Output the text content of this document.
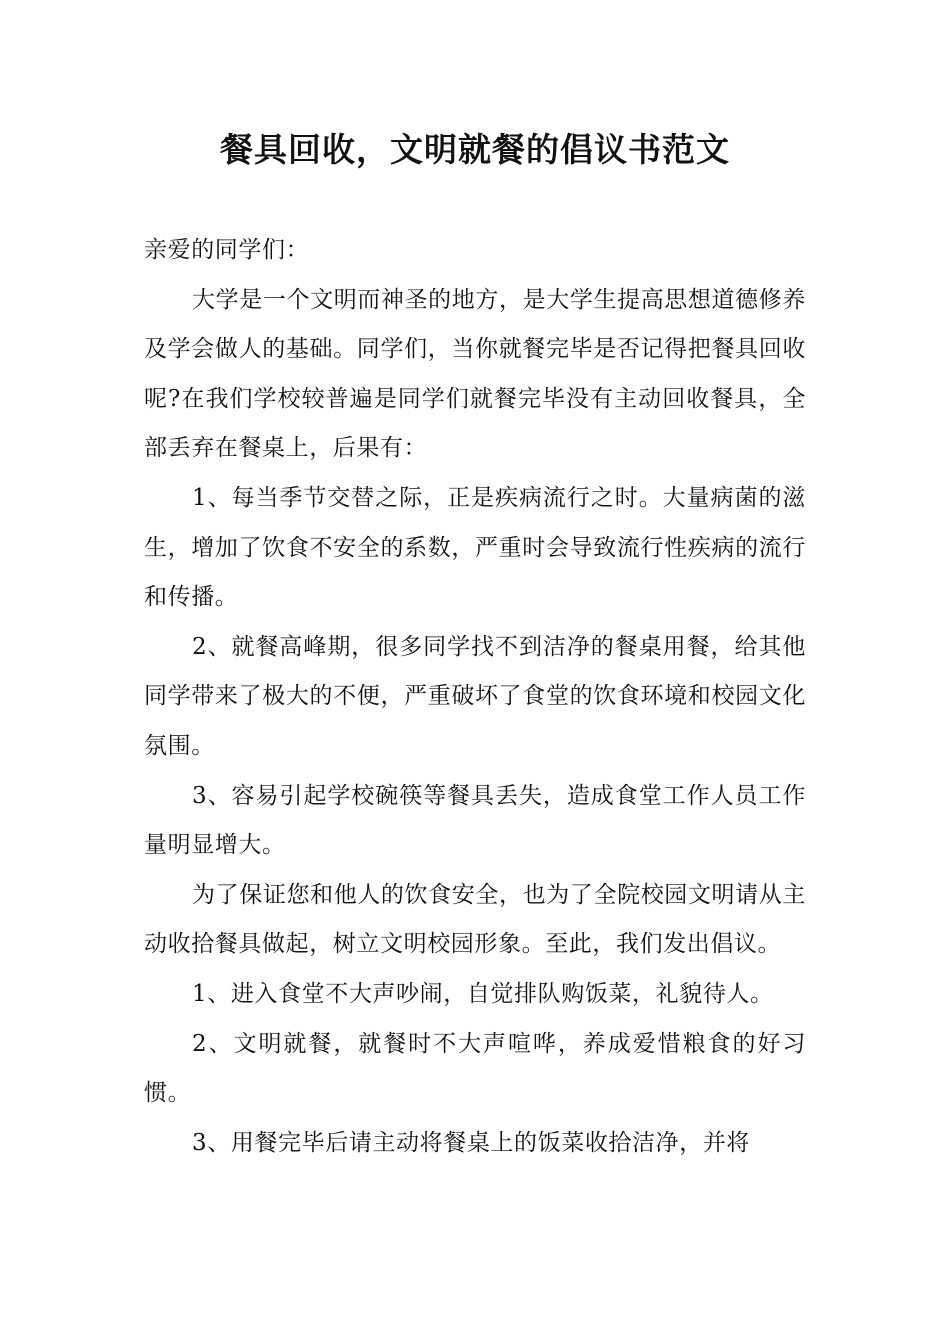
餐具回收，文明就餐的倡议书范文

亲爱的同学们：

大学是一个文明而神圣的地方，是大学生提高思想道德修养及学会做人的基础。同学们，当你就餐完毕是否记得把餐具回收呢?在我们学校较普遍是同学们就餐完毕没有主动回收餐具，全部丢弃在餐桌上，后果有：

1、每当季节交替之际，正是疾病流行之时。大量病菌的滋生，增加了饮食不安全的系数，严重时会导致流行性疾病的流行和传播。

2、就餐高峰期，很多同学找不到洁净的餐桌用餐，给其他同学带来了极大的不便，严重破坏了食堂的饮食环境和校园文化氛围。

3、容易引起学校碗筷等餐具丢失，造成食堂工作人员工作量明显增大。

为了保证您和他人的饮食安全，也为了全院校园文明请从主动收拾餐具做起，树立文明校园形象。至此，我们发出倡议。

1、进入食堂不大声吵闹，自觉排队购饭菜，礼貌待人。

2、文明就餐，就餐时不大声喧哗，养成爱惜粮食的好习惯。

3、用餐完毕后请主动将餐桌上的饭菜收拾洁净，并将
